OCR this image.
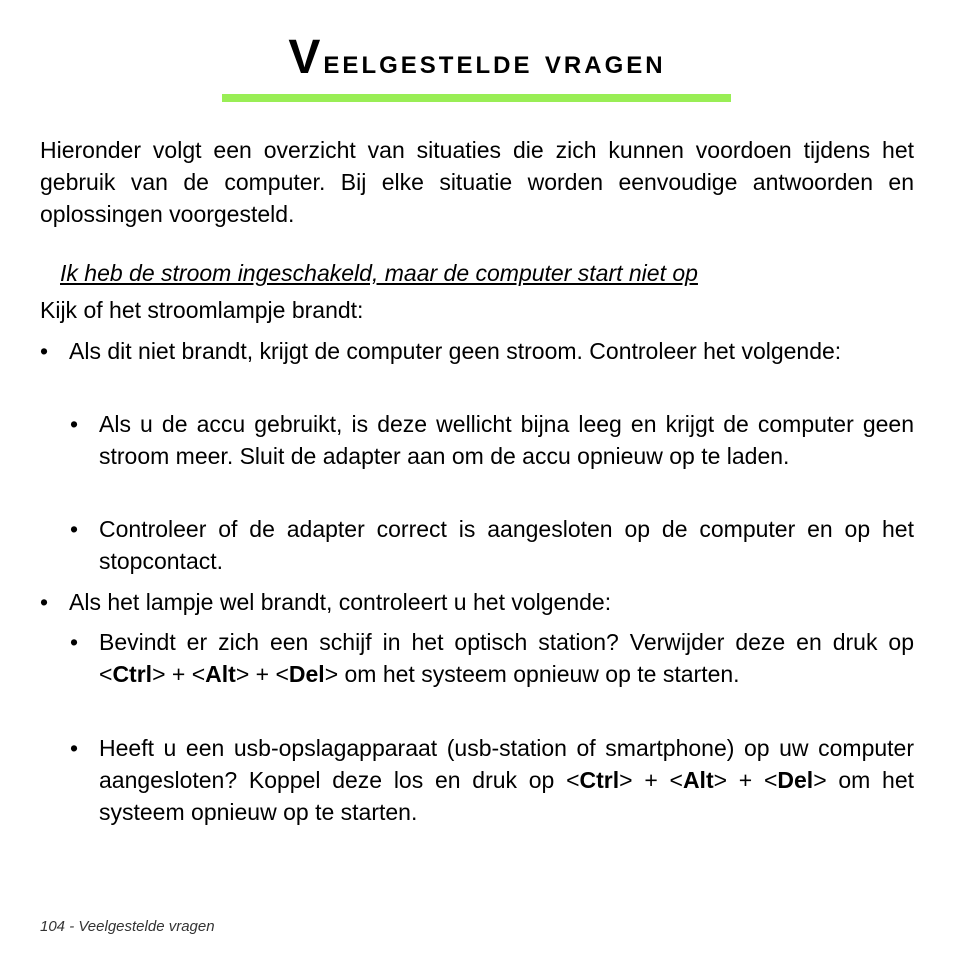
Veelgestelde vragen

Hieronder volgt een overzicht van situaties die zich kunnen voordoen tijdens het gebruik van de computer. Bij elke situatie worden eenvoudige antwoorden en oplossingen voorgesteld.

Ik heb de stroom ingeschakeld, maar de computer start niet op

Kijk of het stroomlampje brandt:

• Als dit niet brandt, krijgt de computer geen stroom. Controleer het volgende:
• Als u de accu gebruikt, is deze wellicht bijna leeg en krijgt de computer geen stroom meer. Sluit de adapter aan om de accu opnieuw op te laden.
• Controleer of de adapter correct is aangesloten op de computer en op het stopcontact.
• Als het lampje wel brandt, controleert u het volgende:
• Bevindt er zich een schijf in het optisch station? Verwijder deze en druk op <Ctrl> + <Alt> + <Del> om het systeem opnieuw op te starten.
• Heeft u een usb-opslagapparaat (usb-station of smartphone) op uw computer aangesloten? Koppel deze los en druk op <Ctrl> + <Alt> + <Del> om het systeem opnieuw op te starten.
104 - Veelgestelde vragen
